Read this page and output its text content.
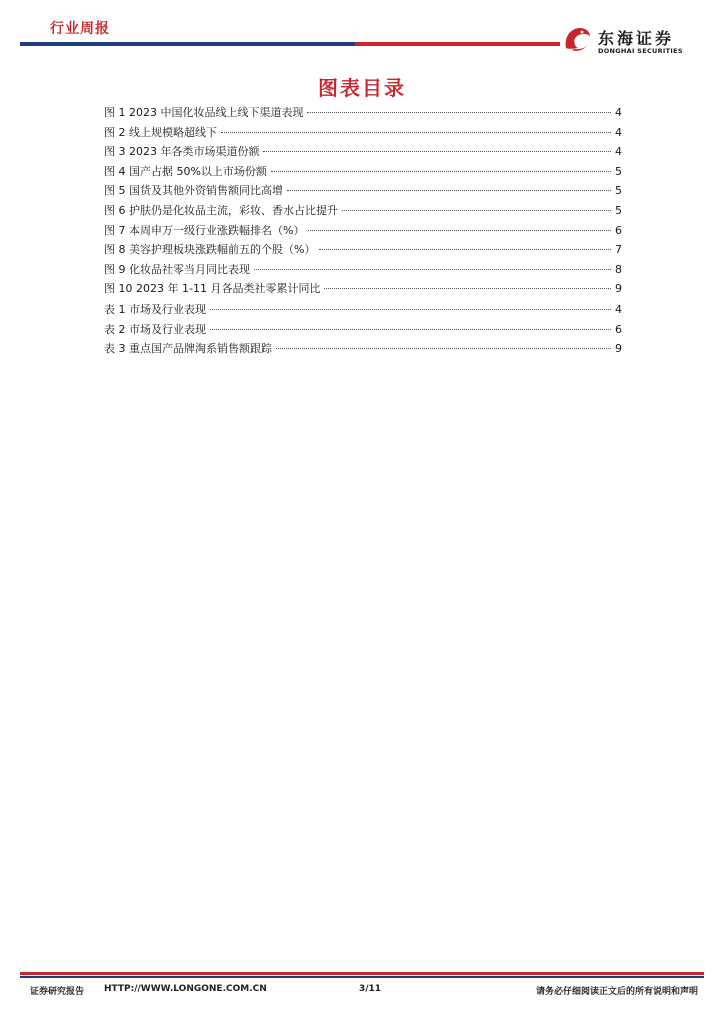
行业周报	东海证券
DONGHAI SECURITIES
图表目录
图 1 2023 中国化妆品线上线下渠道表现	4
图 2 线上规模略超线下	4
图 3 2023 年各类市场渠道份额	4
图 4 国产占据 50%以上市场份额	5
图 5 国货及其他外资销售额同比高增	5
图 6 护肤仍是化妆品主流，彩妆、香水占比提升	5
图 7 本周申万一级行业涨跌幅排名（%）	6
图 8 美容护理板块涨跌幅前五的个股（%）	7
图 9 化妆品社零当月同比表现	8
图 10 2023 年 1-11 月各品类社零累计同比	9
表 1 市场及行业表现	4
表 2 市场及行业表现	6
表 3 重点国产品牌淘系销售额跟踪	9
证券研究报告 HTTP://WWW.LONGONE.COM.CN	3/11	请务必仔细阅读正文后的所有说明和声明
